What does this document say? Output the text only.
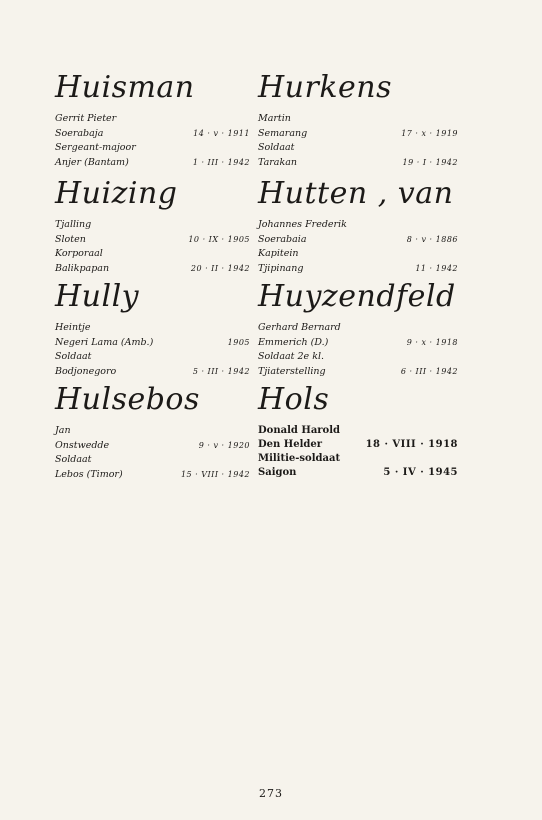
Huisman
Gerrit Pieter
Soerabaja	14 · v · 1911
Sergeant-majoor
Anjer (Bantam)	1 · III · 1942
Huizing
Tjalling
Sloten	10 · IX · 1905
Korporaal
Balikpapan	20 · II · 1942
Hully
Heintje
Negeri Lama (Amb.)	1905
Soldaat
Bodjonegoro	5 · III · 1942
Hulsebos
Jan
Onstwedde	9 · v · 1920
Soldaat
Lebos (Timor)	15 · VIII · 1942
Hurkens
Martin
Semarang	17 · x · 1919
Soldaat
Tarakan	19 · I · 1942
Hutten , van
Johannes Frederik
Soerabaia	8 · v · 1886
Kapitein
Tjipinang	11 · 1942
Huyzendfeld
Gerhard Bernard
Emmerich (D.)	9 · x · 1918
Soldaat 2e kl.
Tjiaterstelling	6 · III · 1942
Hols
Donald Harold
Den Helder	18 · VIII · 1918
Militie-soldaat
Saigon	5 · IV · 1945
273
